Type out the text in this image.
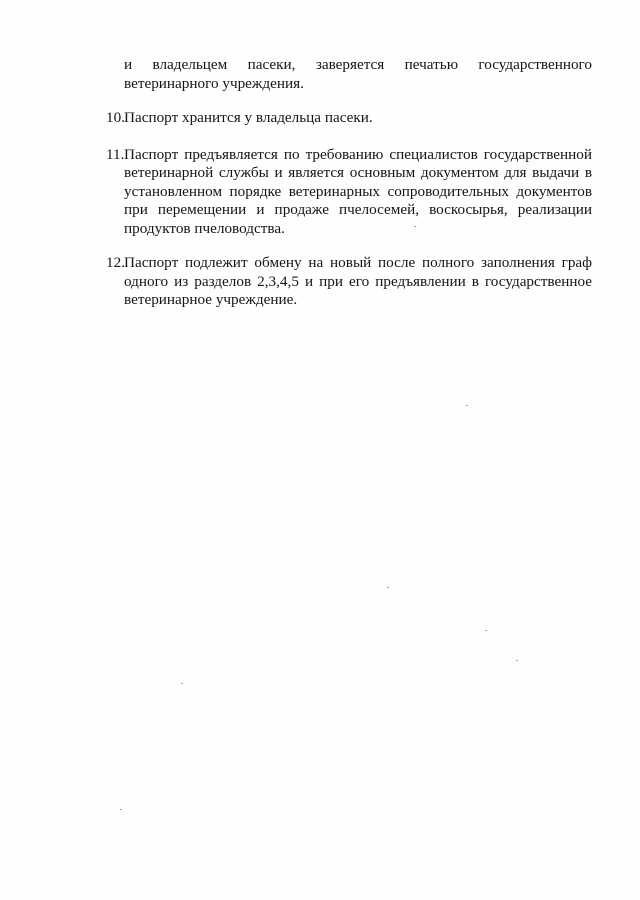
и владельцем пасеки, заверяется печатью государственного ветеринарного учреждения.

10. Паспорт хранится у владельца пасеки.
11. Паспорт предъявляется по требованию специалистов государственной ветеринарной службы и является основным документом для выдачи в установленном порядке ветеринарных сопроводительных документов при перемещении и продаже пчелосемей, воскосырья, реализации продуктов пчеловодства.
12. Паспорт подлежит обмену на новый после полного заполнения граф одного из разделов 2,3,4,5 и при его предъявлении в государственное ветеринарное учреждение.
